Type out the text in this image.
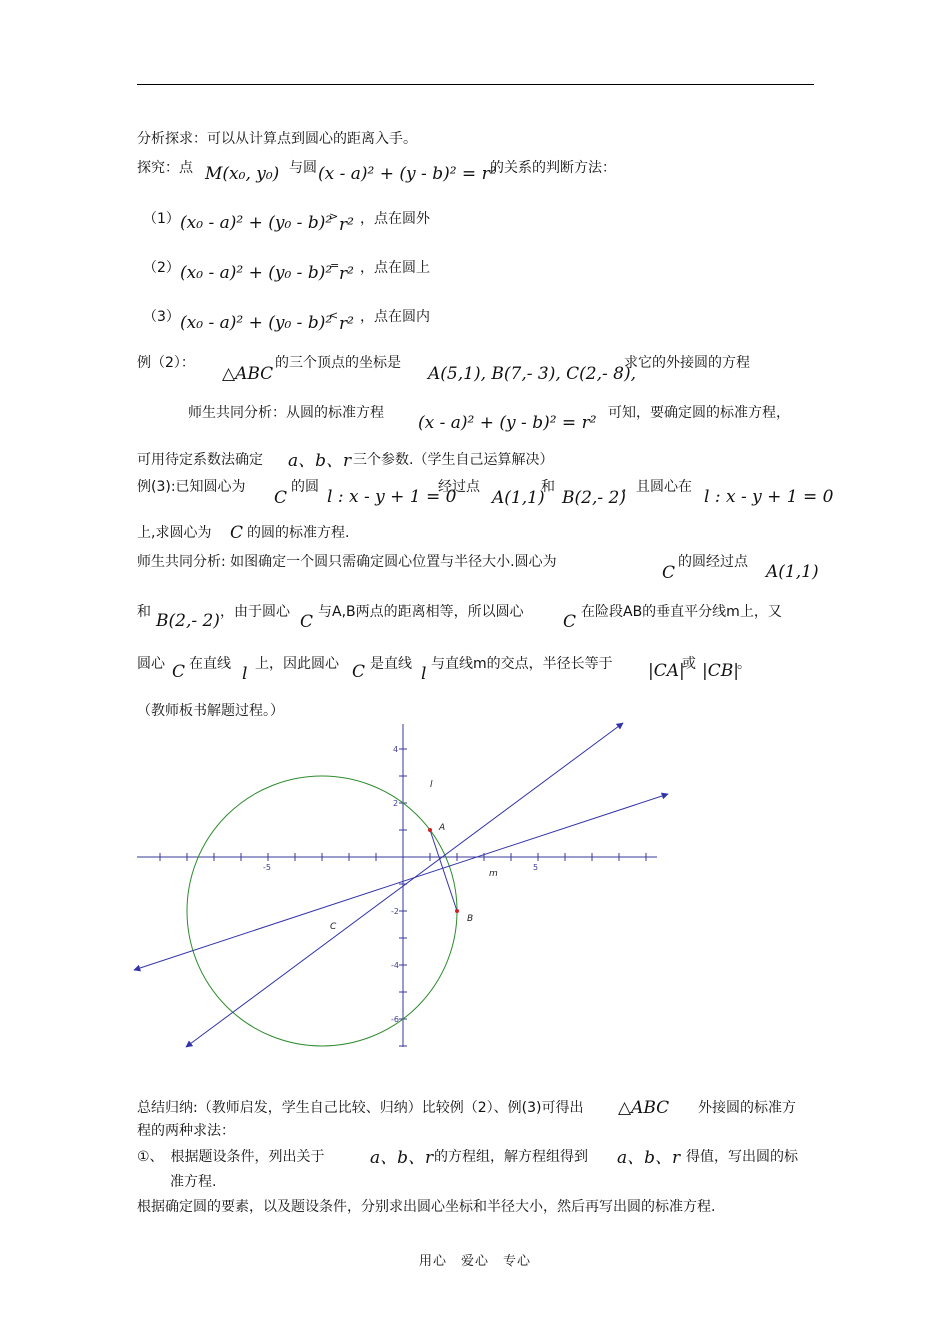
分析探求：可以从计算点到圆心的距离入手。
探究：点 M(x₀, y₀) 与圆 (x - a)² + (y - b)² = r²
的关系的判断方法：
（1） (x₀ - a)² + (y₀ - b)²
> r² ，点在圆外
（2） (x₀ - a)² + (y₀ - b)²
= r² ，点在圆上
（3） (x₀ - a)² + (y₀ - b)²
< r² ，点在圆内
例（2）：
△ABC
的三个顶点的坐标是
A(5,1), B(7,- 3), C(2,- 8),
求它的外接圆的方程
师生共同分析：从圆的标准方程 (x - a)² + (y - b)² = r² 可知，要确定圆的标准方程，
可用待定系数法确定 a、b、r 三个参数.（学生自己运算解决）
例(3):已知圆心为
C
的圆 l : x - y + 1 = 0
经过点
A(1,1)
和
B(2,- 2)
，且圆心在 l : x - y + 1 = 0
上,求圆心为 C 的圆的标准方程.
师生共同分析: 如图确定一个圆只需确定圆心位置与半径大小.圆心为
C
的圆经过点 A(1,1)
和 B(2,- 2) ，由于圆心 C 与A,B两点的距离相等，所以圆心 C 在险段AB的垂直平分线m上，又
圆心 C 在直线 l 上，因此圆心 C 是直线 l 与直线m的交点，半径长等于 |CA|
或 |CB|
。
（教师板书解题过程。）
-5	5
4
2
-2
-4
-6
A
B
C
l
m
总结归纳:（教师启发，学生自己比较、归纳）比较例（2）、例(3)可得出 △ABC 外接圆的标准方
程的两种求法：
①、　根据题设条件，列出关于	a、b、r 的方程组，解方程组得到 a、b、r 得值，写出圆的标
准方程.
根据确定圆的要素，以及题设条件，分别求出圆心坐标和半径大小，然后再写出圆的标准方程.
用心　爱心　专心
